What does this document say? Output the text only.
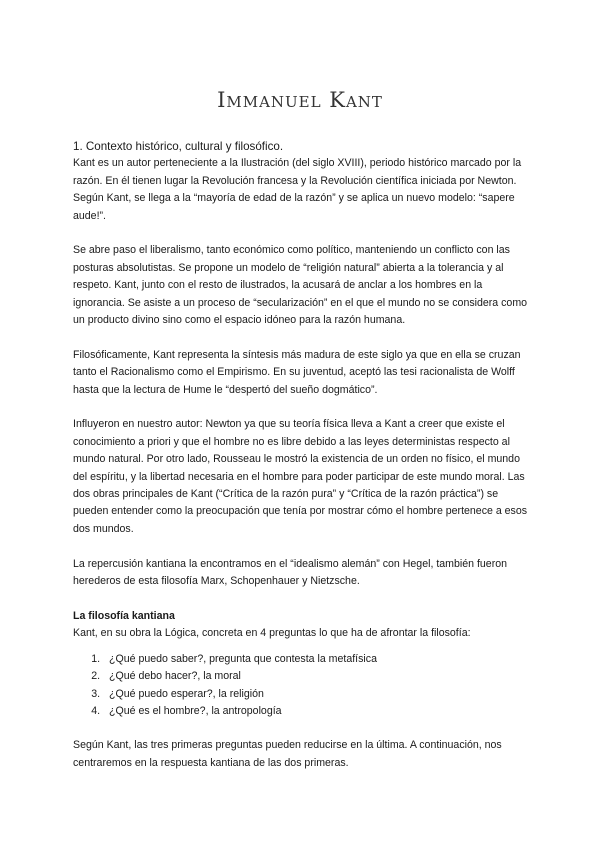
Immanuel Kant
1. Contexto histórico, cultural y filosófico.

Kant es un autor perteneciente a la Ilustración (del siglo XVIII), periodo histórico marcado por la razón. En él tienen lugar la Revolución francesa y la Revolución científica iniciada por Newton. Según Kant, se llega a la “mayoría de edad de la razón” y se aplica un nuevo modelo: “sapere aude!”.

Se abre paso el liberalismo, tanto económico como político, manteniendo un conflicto con las posturas absolutistas. Se propone un modelo de “religión natural” abierta a la tolerancia y al respeto. Kant, junto con el resto de ilustrados, la acusará de anclar a los hombres en la ignorancia. Se asiste a un proceso de “secularización” en el que el mundo no se considera como un producto divino sino como el espacio idóneo para la razón humana.

Filosóficamente, Kant representa la síntesis más madura de este siglo ya que en ella se cruzan tanto el Racionalismo como el Empirismo. En su juventud, aceptó las tesi racionalista de Wolff hasta que la lectura de Hume le “despertó del sueño dogmático”.

Influyeron en nuestro autor: Newton ya que su teoría física lleva a Kant a creer que existe el conocimiento a priori y que el hombre no es libre debido a las leyes deterministas respecto al mundo natural. Por otro lado, Rousseau le mostró la existencia de un orden no físico, el mundo del espíritu, y la libertad necesaria en el hombre para poder participar de este mundo moral. Las dos obras principales de Kant (“Crítica de la razón pura” y “Crítica de la razón práctica”) se pueden entender como la preocupación que tenía por mostrar cómo el hombre pertenece a esos dos mundos.

La repercusión kantiana la encontramos en el “idealismo alemán” con Hegel, también fueron herederos de esta filosofía Marx, Schopenhauer y Nietzsche.

La filosofía kantiana
Kant, en su obra la Lógica, concreta en 4 preguntas lo que ha de afrontar la filosofía:
1. ¿Qué puedo saber?, pregunta que contesta la metafísica
2. ¿Qué debo hacer?, la moral
3. ¿Qué puedo esperar?, la religión
4. ¿Qué es el hombre?, la antropología

Según Kant, las tres primeras preguntas pueden reducirse en la última. A continuación, nos centraremos en la respuesta kantiana de las dos primeras.
